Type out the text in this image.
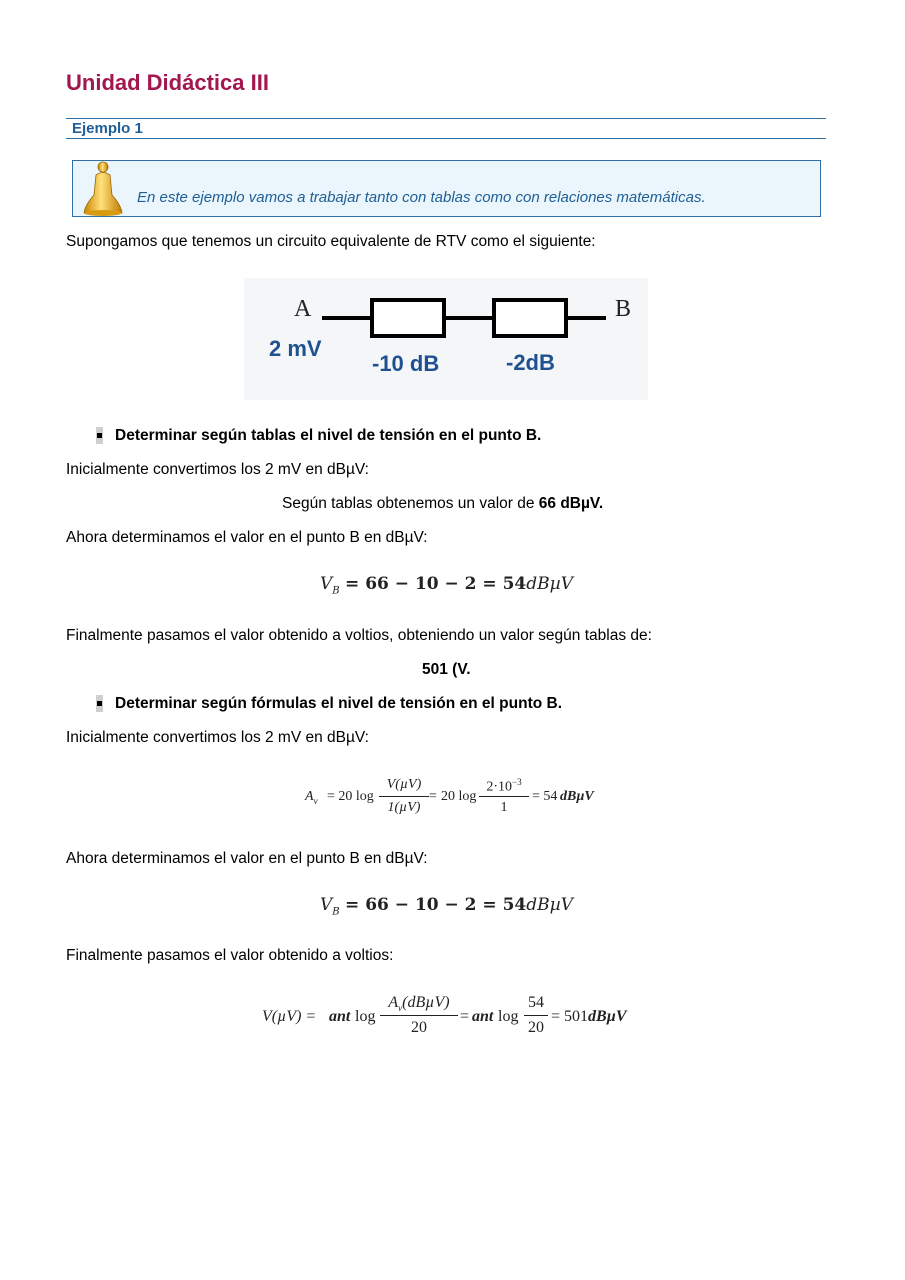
Unidad Didáctica III
Ejemplo 1
En este ejemplo vamos a trabajar tanto con tablas como con relaciones matemáticas.
Supongamos que tenemos un circuito equivalente de RTV como el siguiente:
A	B
2 mV
-10 dB	-2dB
Determinar según tablas el nivel de tensión en el punto B.
Inicialmente convertimos los 2 mV en dBµV:
Según tablas obtenemos un valor de 66 dBµV.
Ahora determinamos el valor en el punto B en dBµV:
$V_B = 66 - 10 - 2 = 54dB\mu V$
Finalmente pasamos el valor obtenido a voltios, obteniendo un valor según tablas de:
501 (V.
Determinar según fórmulas el nivel de tensión en el punto B.
Inicialmente convertimos los 2 mV en dBµV:
$A_v = 20$ log
V(µV)
1(µV)
= 20 log
$2\cdot 10^{-3}$
1
= 54 dBµV
Ahora determinamos el valor en el punto B en dBµV:
$V_B = 66 - 10 - 2 = 54dB\mu V$
Finalmente pasamos el valor obtenido a voltios:
V(µV) = ant log
$A_v(dB\mu V)$
20
= ant log
54
20
= 501 dBµV
